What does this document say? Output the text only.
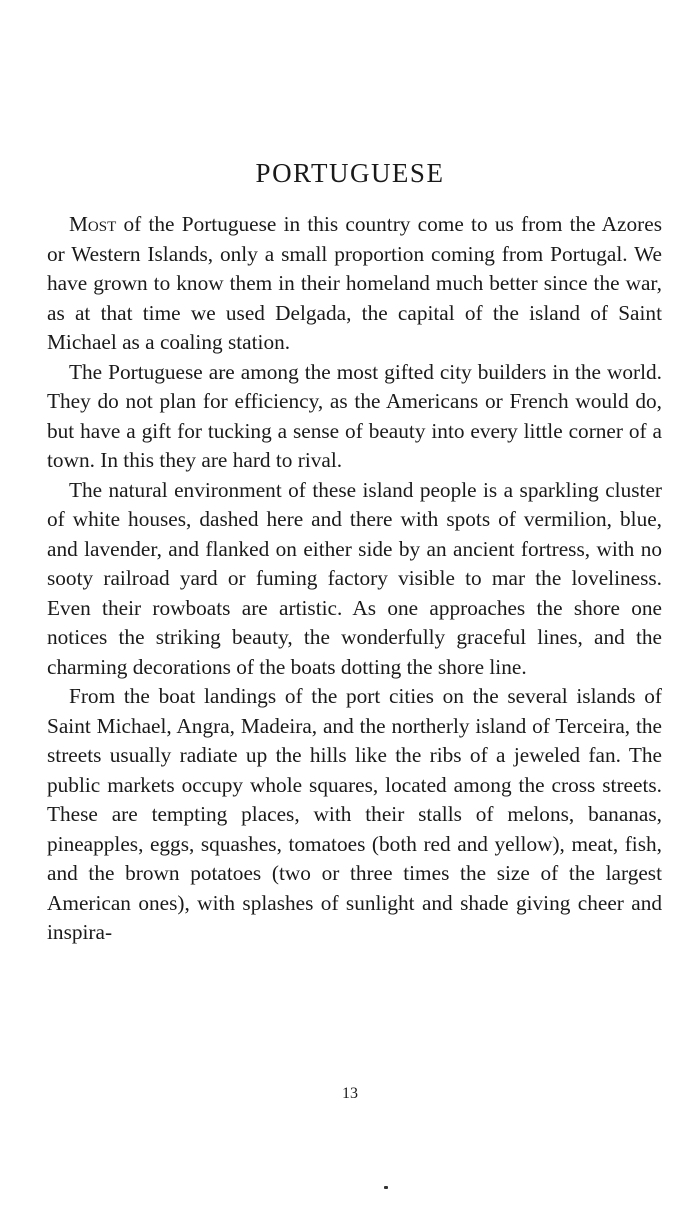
PORTUGUESE

Most of the Portuguese in this country come to us from the Azores or Western Islands, only a small proportion coming from Portugal. We have grown to know them in their homeland much better since the war, as at that time we used Delgada, the capital of the island of Saint Michael as a coaling station.

The Portuguese are among the most gifted city builders in the world. They do not plan for efficiency, as the Americans or French would do, but have a gift for tucking a sense of beauty into every little corner of a town. In this they are hard to rival.

The natural environment of these island people is a sparkling cluster of white houses, dashed here and there with spots of vermilion, blue, and lavender, and flanked on either side by an ancient fortress, with no sooty railroad yard or fuming factory visible to mar the loveliness. Even their rowboats are artistic. As one approaches the shore one notices the striking beauty, the wonderfully graceful lines, and the charming decorations of the boats dotting the shore line.

From the boat landings of the port cities on the several islands of Saint Michael, Angra, Madeira, and the northerly island of Terceira, the streets usually radiate up the hills like the ribs of a jeweled fan. The public markets occupy whole squares, located among the cross streets. These are tempting places, with their stalls of melons, bananas, pineapples, eggs, squashes, tomatoes (both red and yellow), meat, fish, and the brown potatoes (two or three times the size of the largest American ones), with splashes of sunlight and shade giving cheer and inspira-

13
